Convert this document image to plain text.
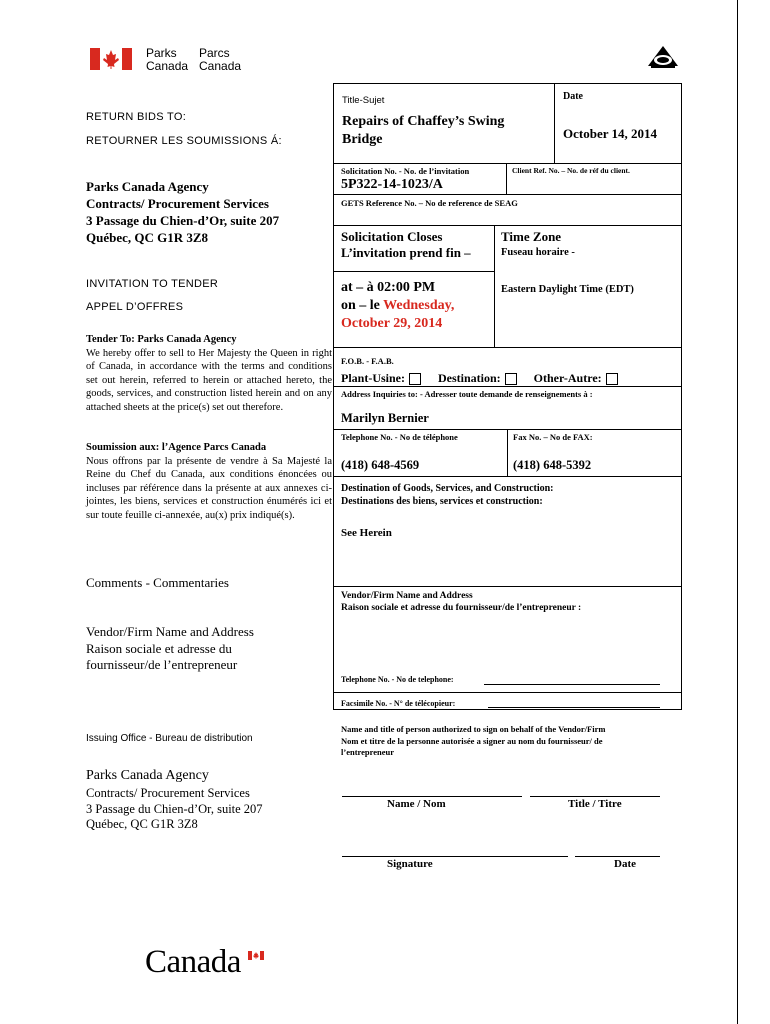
Parks
Canada
Parcs
Canada
RETURN BIDS TO:
RETOURNER LES SOUMISSIONS Á:
Parks Canada Agency
Contracts/ Procurement Services
3 Passage du Chien-d’Or, suite 207
Québec, QC G1R 3Z8
INVITATION TO TENDER
APPEL D’OFFRES

Tender To: Parks Canada Agency

We hereby offer to sell to Her Majesty the Queen in right of Canada, in accordance with the terms and conditions set out herein, referred to herein or attached hereto, the goods, services, and construction listed herein and on any attached sheets at the price(s) set out therefore.

Soumission aux: l’Agence Parcs Canada

Nous offrons par la présente de vendre à Sa Majesté la Reine du Chef du Canada, aux conditions énoncées ou incluses par référence dans la présente at aux annexes ci-jointes, les biens, services et construction énumérés ici et sur toute feuille ci-annexée, au(x) prix indiqué(s).

Comments - Commentaries
Vendor/Firm Name and Address
Raison sociale et adresse du
fournisseur/de l’entrepreneur
Issuing Office - Bureau de distribution
Parks Canada Agency
Contracts/ Procurement Services
3 Passage du Chien-d’Or, suite 207
Québec, QC G1R 3Z8
Title-Sujet	Date
Repairs of Chaffey’s Swing
Bridge	October 14, 2014
Solicitation No. - No. de l’invitation	Client Ref. No. – No. de réf du client.
5P322-14-1023/A
GETS Reference No. – No de reference de SEAG
Solicitation Closes
L’invitation prend fin –
Time Zone
Fuseau horaire -
at – à 02:00 PM
on – le Wednesday,
October 29, 2014
Eastern Daylight Time (EDT)
F.O.B. - F.A.B.
Plant-Usine:	Destination:	Other-Autre:
Address Inquiries to: - Adresser toute demande de renseignements à :
Marilyn Bernier
Telephone No. - No de téléphone	Fax No. – No de FAX:
(418) 648-4569	(418) 648-5392
Destination of Goods, Services, and Construction:
Destinations des biens, services et construction:
See Herein
Vendor/Firm Name and Address
Raison sociale et adresse du fournisseur/de l’entrepreneur :
Telephone No. - No de telephone:
Facsimile No. - N° de télécopieur:
Name and title of person authorized to sign on behalf of the Vendor/Firm
Nom et titre de la personne autorisée a signer au nom du fournisseur/ de
l’entrepreneur
Name / Nom	Title / Titre
Signature	Date
Canada
